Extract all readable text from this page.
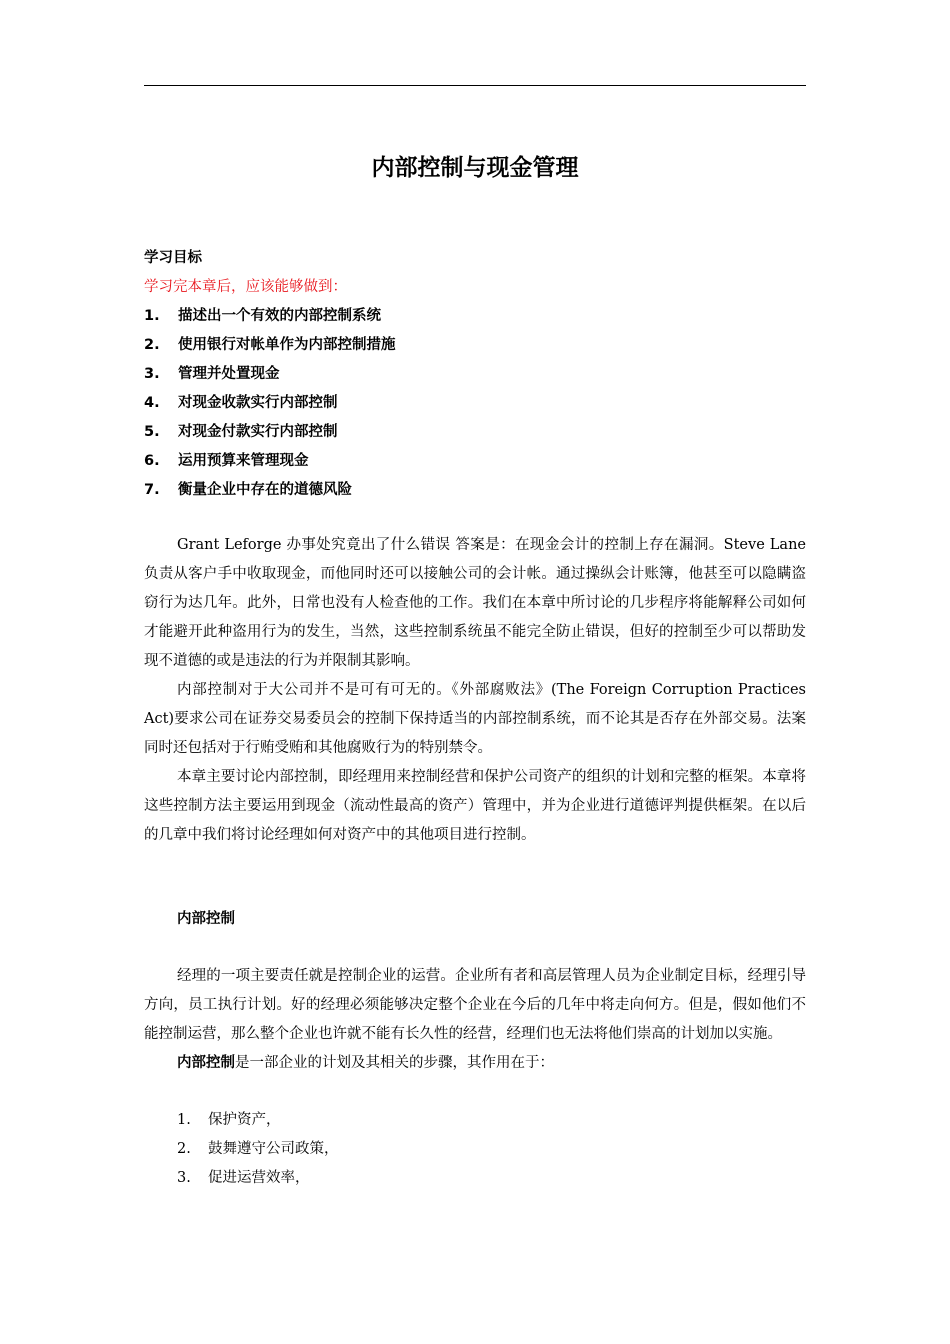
内部控制与现金管理
学习目标
学习完本章后，应该能够做到：
1.	描述出一个有效的内部控制系统
2.	使用银行对帐单作为内部控制措施
3.	管理并处置现金
4.	对现金收款实行内部控制
5.	对现金付款实行内部控制
6.	运用预算来管理现金
7.	衡量企业中存在的道德风险

Grant Leforge 办事处究竟出了什么错误 答案是：在现金会计的控制上存在漏洞。Steve Lane 负责从客户手中收取现金，而他同时还可以接触公司的会计帐。通过操纵会计账簿，他甚至可以隐瞒盗窃行为达几年。此外，日常也没有人检查他的工作。我们在本章中所讨论的几步程序将能解释公司如何才能避开此种盗用行为的发生，当然，这些控制系统虽不能完全防止错误，但好的控制至少可以帮助发现不道德的或是违法的行为并限制其影响。

内部控制对于大公司并不是可有可无的。《外部腐败法》(The Foreign Corruption Practices Act)要求公司在证券交易委员会的控制下保持适当的内部控制系统，而不论其是否存在外部交易。法案同时还包括对于行贿受贿和其他腐败行为的特别禁令。

本章主要讨论内部控制，即经理用来控制经营和保护公司资产的组织的计划和完整的框架。本章将这些控制方法主要运用到现金（流动性最高的资产）管理中，并为企业进行道德评判提供框架。在以后的几章中我们将讨论经理如何对资产中的其他项目进行控制。

内部控制

经理的一项主要责任就是控制企业的运营。企业所有者和高层管理人员为企业制定目标，经理引导方向，员工执行计划。好的经理必须能够决定整个企业在今后的几年中将走向何方。但是，假如他们不能控制运营，那么整个企业也许就不能有长久性的经营，经理们也无法将他们崇高的计划加以实施。

内部控制是一部企业的计划及其相关的步骤，其作用在于：

1.	保护资产，
2.	鼓舞遵守公司政策，
3.	促进运营效率，
